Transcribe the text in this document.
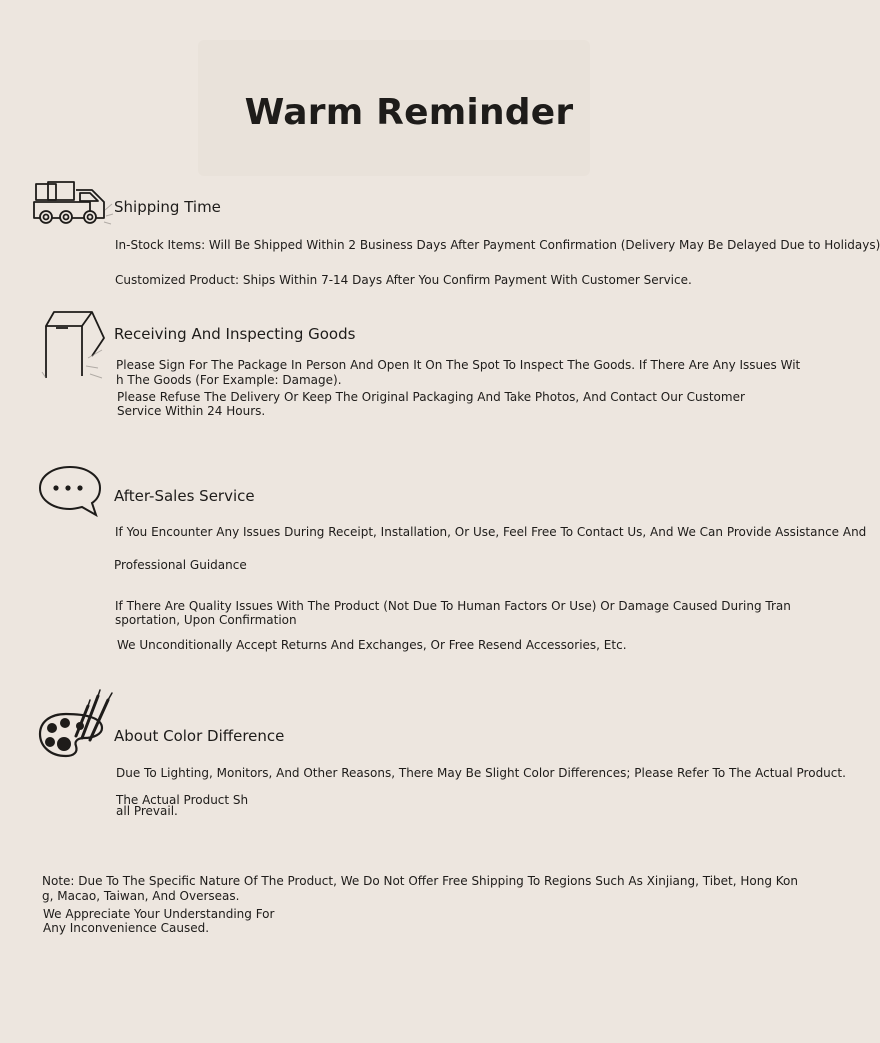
Warm Reminder
Shipping Time
In-Stock Items: Will Be Shipped Within 2 Business Days After Payment Confirmation (Delivery May Be Delayed Due to Holidays)
Customized Product: Ships Within 7-14 Days After You Confirm Payment With Customer Service.
Receiving And Inspecting Goods
Please Sign For The Package In Person And Open It On The Spot To Inspect The Goods. If There Are Any Issues Wit
h The Goods (For Example: Damage).
Please Refuse The Delivery Or Keep The Original Packaging And Take Photos, And Contact Our Customer
Service Within 24 Hours.
After-Sales Service
If You Encounter Any Issues During Receipt, Installation, Or Use, Feel Free To Contact Us, And We Can Provide Assistance And
Professional Guidance
If There Are Quality Issues With The Product (Not Due To Human Factors Or Use) Or Damage Caused During Tran
sportation, Upon Confirmation
We Unconditionally Accept Returns And Exchanges, Or Free Resend Accessories, Etc.
About Color Difference
Due To Lighting, Monitors, And Other Reasons, There May Be Slight Color Differences; Please Refer To The Actual Product.
The Actual Product Sh
all Prevail.
Note: Due To The Specific Nature Of The Product, We Do Not Offer Free Shipping To Regions Such As Xinjiang, Tibet, Hong Kon
g, Macao, Taiwan, And Overseas.
We Appreciate Your Understanding For
Any Inconvenience Caused.
